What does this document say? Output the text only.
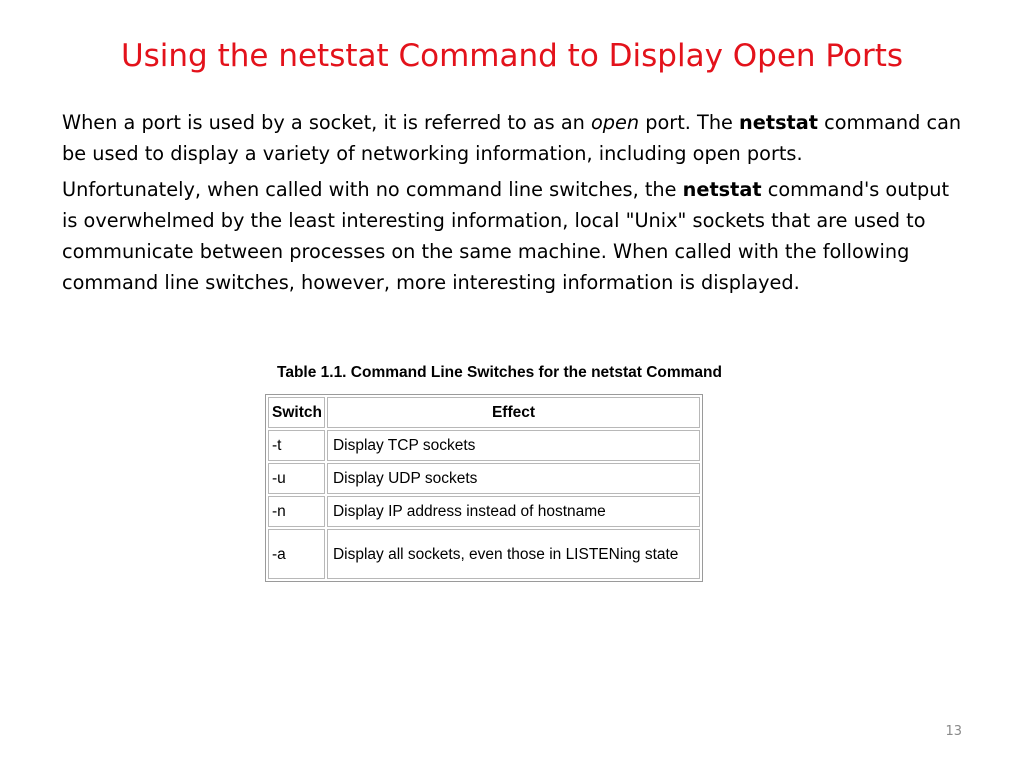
Using the netstat Command to Display Open Ports

When a port is used by a socket, it is referred to as an open port. The netstat command can be used to display a variety of networking information, including open ports.

Unfortunately, when called with no command line switches, the netstat command's output is overwhelmed by the least interesting information, local "Unix" sockets that are used to communicate between processes on the same machine. When called with the following command line switches, however, more interesting information is displayed.

Table 1.1. Command Line Switches for the netstat Command
Switch	Effect
-t	Display TCP sockets
-u	Display UDP sockets
-n	Display IP address instead of hostname
-a	Display all sockets, even those in LISTENing state
13
